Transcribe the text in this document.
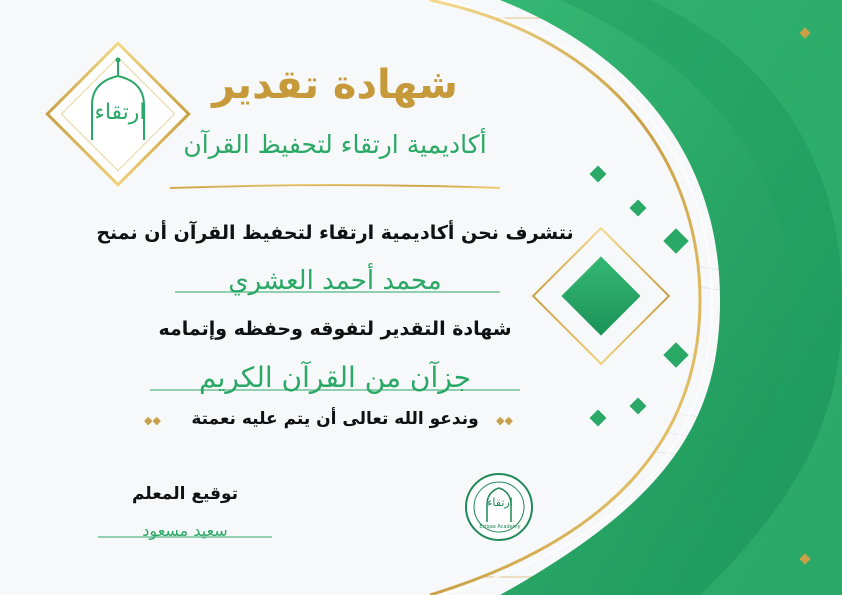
ارتقاء
شهادة تقدير
أكاديمية ارتقاء لتحفيظ القرآن
نتشرف نحن أكاديمية ارتقاء لتحفيظ القرآن أن نمنح
محمد أحمد العشري
شهادة التقدير لتفوقه وحفظه وإتمامه
جزآن من القرآن الكريم
◆◆
وندعو الله تعالى أن يتم عليه نعمتة
◆◆
توقيع المعلم
سعيد مسعود
ارتقاء
Ertqaa Academy
